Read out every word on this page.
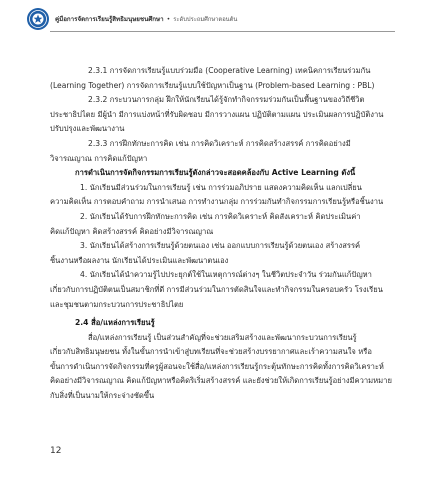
คู่มือการจัดการเรียนรู้สิทธิมนุษยชนศึกษา • ระดับประถมศึกษาตอนต้น

2.3.1 การจัดการเรียนรู้แบบร่วมมือ (Cooperative Learning) เทคนิคการเรียนร่วมกัน

(Learning Together) การจัดการเรียนรู้แบบใช้ปัญหาเป็นฐาน (Problem-based Learning : PBL)

2.3.2 กระบวนการกลุ่ม ฝึกให้นักเรียนได้รู้จักทำกิจกรรมร่วมกันเป็นพื้นฐานของวิถีชีวิต

ประชาธิปไตย มีผู้นำ มีการแบ่งหน้าที่รับผิดชอบ มีการวางแผน ปฏิบัติตามแผน ประเมินผลการปฏิบัติงาน

ปรับปรุงและพัฒนางาน

2.3.3 การฝึกทักษะการคิด เช่น การคิดวิเคราะห์ การคิดสร้างสรรค์ การคิดอย่างมี

วิจารณญาณ การคิดแก้ปัญหา

การดำเนินการจัดกิจกรรมการเรียนรู้ดังกล่าวจะสอดคล้องกับ Active Learning ดังนี้

1. นักเรียนมีส่วนร่วมในการเรียนรู้ เช่น การร่วมอภิปราย แสดงความคิดเห็น แลกเปลี่ยน

ความคิดเห็น การตอบคำถาม การนำเสนอ การทำงานกลุ่ม การร่วมกันทำกิจกรรมการเรียนรู้หรือชิ้นงาน

2. นักเรียนได้รับการฝึกทักษะการคิด เช่น การคิดวิเคราะห์ คิดสังเคราะห์ คิดประเมินค่า

คิดแก้ปัญหา คิดสร้างสรรค์ คิดอย่างมีวิจารณญาณ

3. นักเรียนได้สร้างการเรียนรู้ด้วยตนเอง เช่น ออกแบบการเรียนรู้ด้วยตนเอง สร้างสรรค์

ชิ้นงานหรือผลงาน นักเรียนได้ประเมินและพัฒนาตนเอง

4. นักเรียนได้นำความรู้ไปประยุกต์ใช้ในเหตุการณ์ต่างๆ ในชีวิตประจำวัน ร่วมกันแก้ปัญหา

เกี่ยวกับการปฏิบัติตนเป็นสมาชิกที่ดี การมีส่วนร่วมในการตัดสินใจและทำกิจกรรมในครอบครัว โรงเรียน

และชุมชนตามกระบวนการประชาธิปไตย

2.4 สื่อ/แหล่งการเรียนรู้

สื่อ/แหล่งการเรียนรู้ เป็นส่วนสำคัญที่จะช่วยเสริมสร้างและพัฒนากระบวนการเรียนรู้

เกี่ยวกับสิทธิมนุษยชน ทั้งในขั้นการนำเข้าสู่บทเรียนที่จะช่วยสร้างบรรยากาศและเร้าความสนใจ หรือ

ขั้นการดำเนินการจัดกิจกรรมที่ครูผู้สอนจะใช้สื่อ/แหล่งการเรียนรู้กระตุ้นทักษะการคิดทั้งการคิดวิเคราะห์

คิดอย่างมีวิจารณญาณ คิดแก้ปัญหาหรือคิดริเริ่มสร้างสรรค์ และยังช่วยให้เกิดการเรียนรู้อย่างมีความหมาย

กับสิ่งที่เป็นนามให้กระจ่างชัดขึ้น

12
